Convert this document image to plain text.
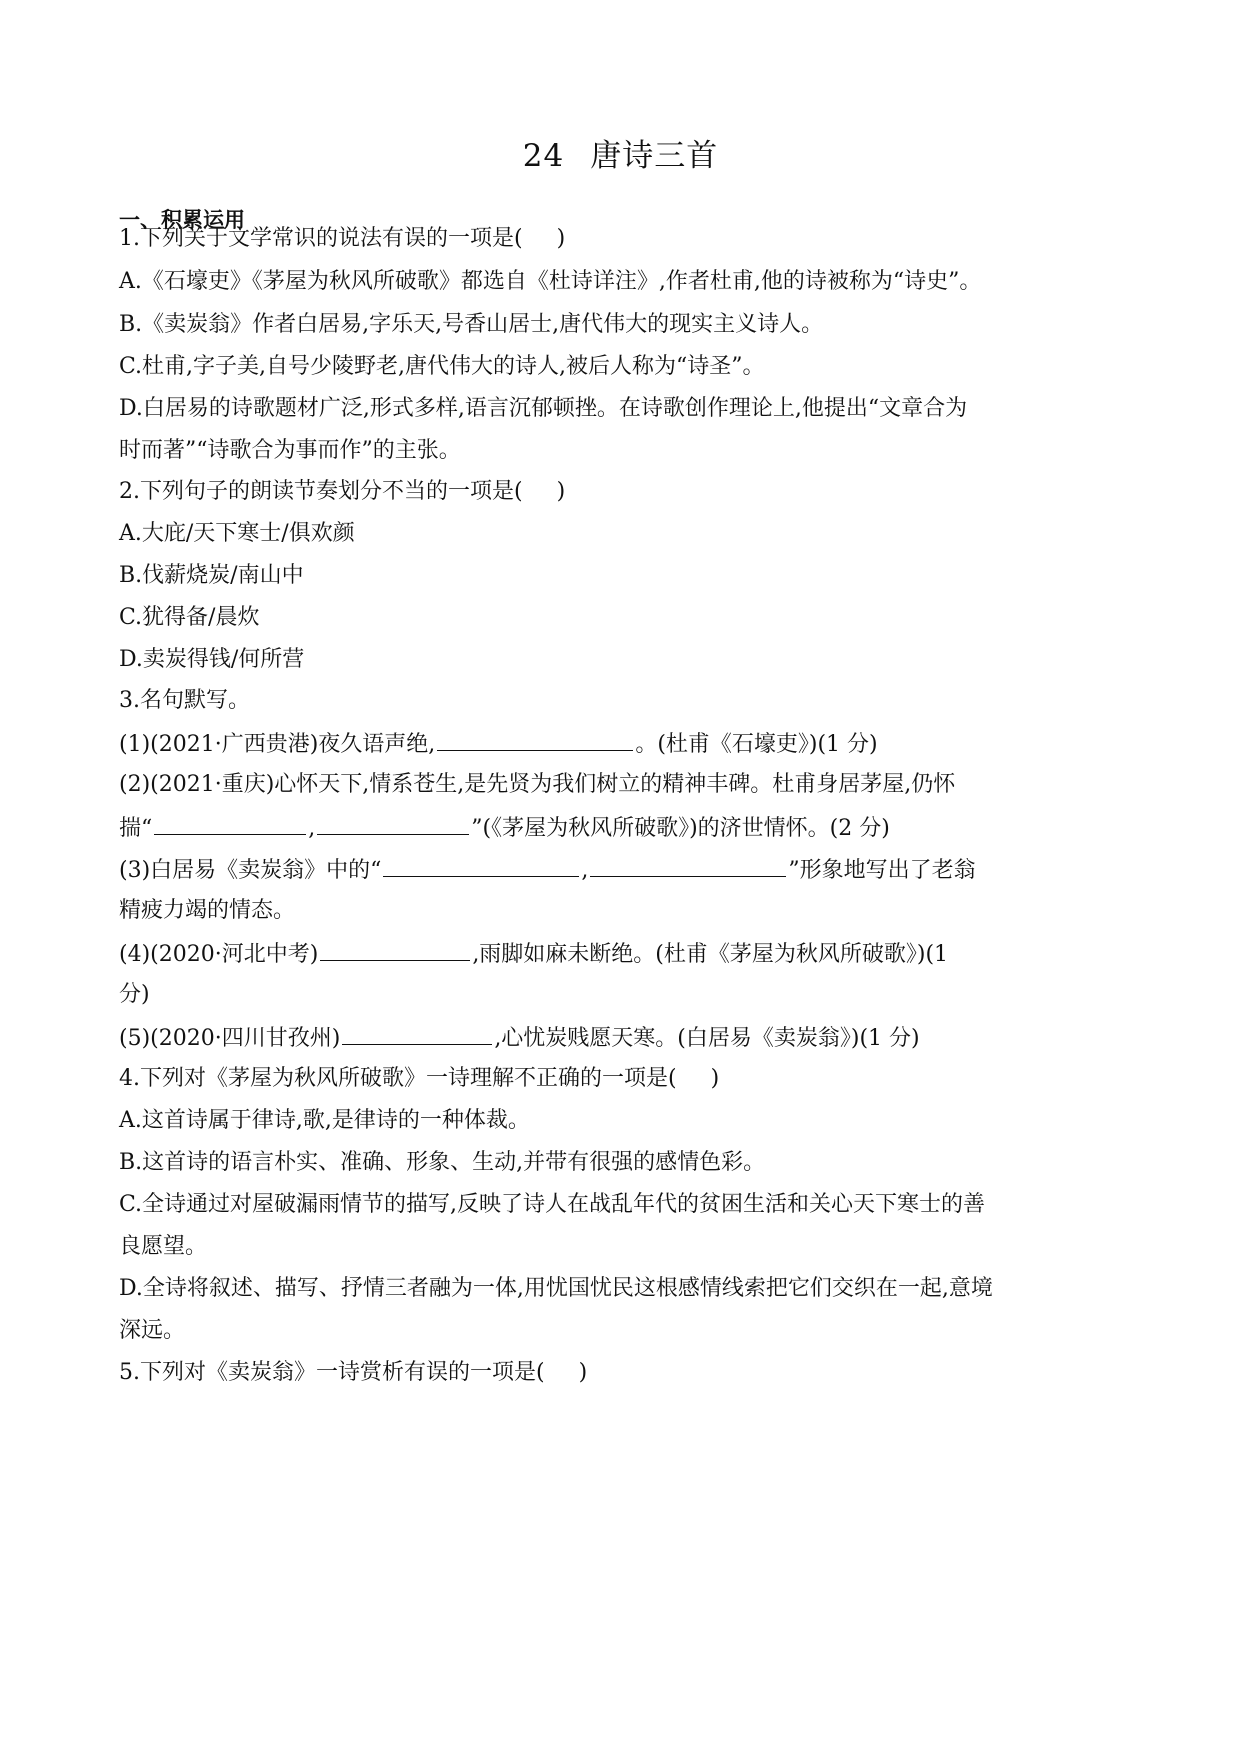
24 唐诗三首
一、积累运用
1.下列关于文学常识的说法有误的一项是( )
A.《石壕吏》《茅屋为秋风所破歌》都选自《杜诗详注》,作者杜甫,他的诗被称为“诗史”。
B.《卖炭翁》作者白居易,字乐天,号香山居士,唐代伟大的现实主义诗人。
C.杜甫,字子美,自号少陵野老,唐代伟大的诗人,被后人称为“诗圣”。
D.白居易的诗歌题材广泛,形式多样,语言沉郁顿挫。在诗歌创作理论上,他提出“文章合为
时而著”“诗歌合为事而作”的主张。
2.下列句子的朗读节奏划分不当的一项是( )
A.大庇/天下寒士/俱欢颜
B.伐薪烧炭/南山中
C.犹得备/晨炊
D.卖炭得钱/何所营
3.名句默写。
(1)(2021·广西贵港)夜久语声绝,	。(杜甫《石壕吏》)(1 分)
(2)(2021·重庆)心怀天下,情系苍生,是先贤为我们树立的精神丰碑。杜甫身居茅屋,仍怀
揣“	,	”(《茅屋为秋风所破歌》)的济世情怀。(2 分)
(3)白居易《卖炭翁》中的“	,	”形象地写出了老翁
精疲力竭的情态。
(4)(2020·河北中考)	,雨脚如麻未断绝。(杜甫《茅屋为秋风所破歌》)(1
分)
(5)(2020·四川甘孜州)	,心忧炭贱愿天寒。(白居易《卖炭翁》)(1 分)
4.下列对《茅屋为秋风所破歌》一诗理解不正确的一项是( )
A.这首诗属于律诗,歌,是律诗的一种体裁。
B.这首诗的语言朴实、准确、形象、生动,并带有很强的感情色彩。
C.全诗通过对屋破漏雨情节的描写,反映了诗人在战乱年代的贫困生活和关心天下寒士的善
良愿望。
D.全诗将叙述、描写、抒情三者融为一体,用忧国忧民这根感情线索把它们交织在一起,意境
深远。
5.下列对《卖炭翁》一诗赏析有误的一项是( )
